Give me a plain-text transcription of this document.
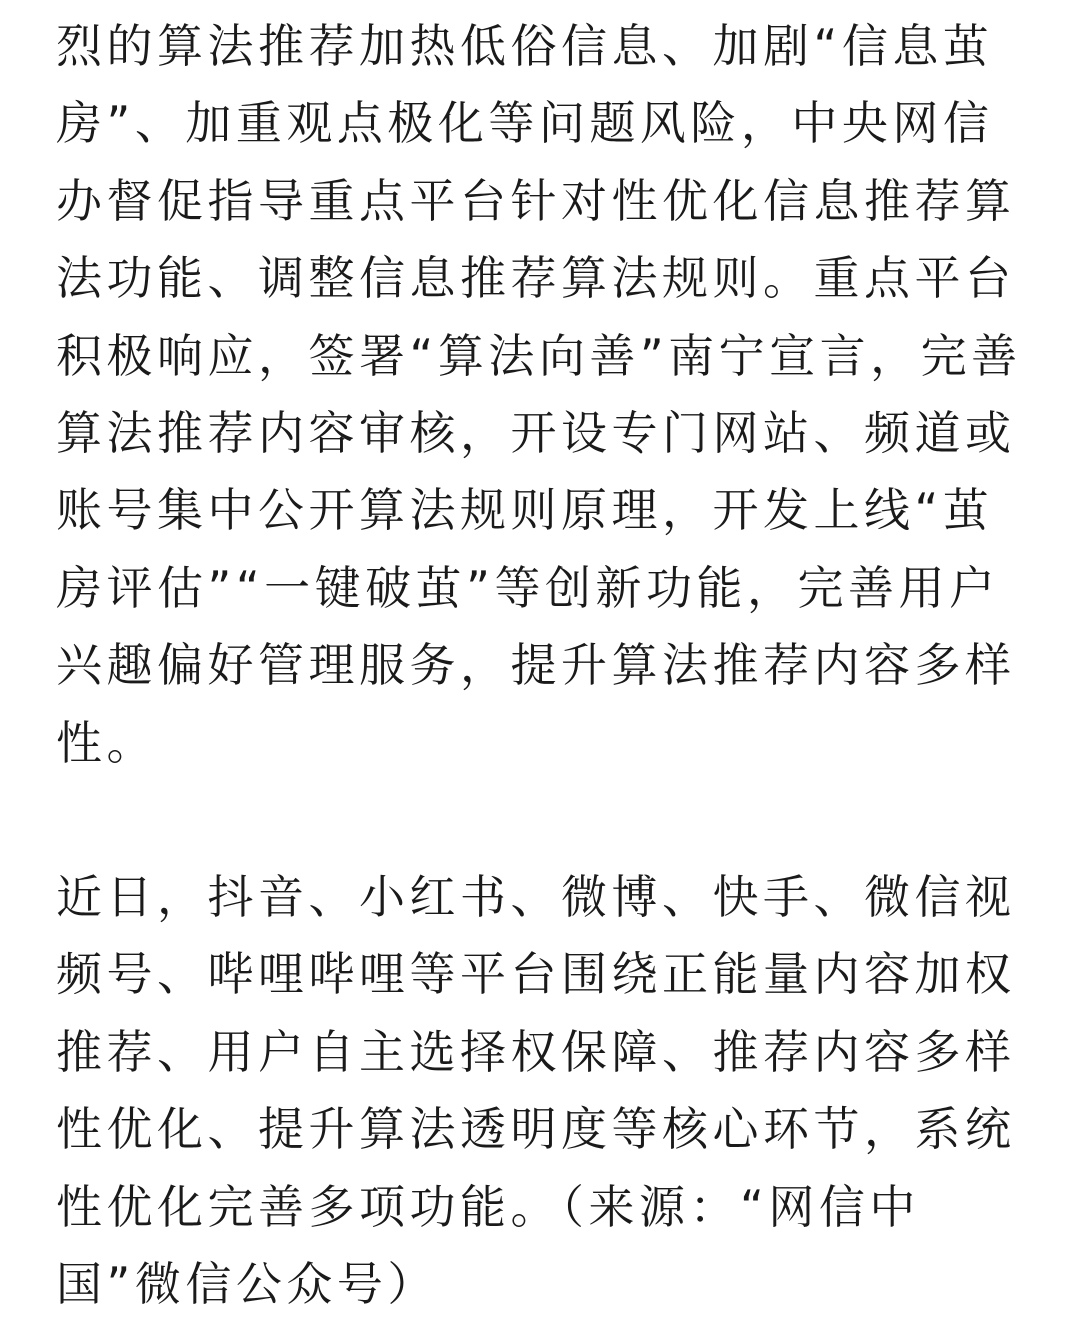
烈的算法推荐加热低俗信息、加剧“信息茧房”、加重观点极化等问题风险，中央网信办督促指导重点平台针对性优化信息推荐算法功能、调整信息推荐算法规则。重点平台积极响应，签署“算法向善”南宁宣言，完善算法推荐内容审核，开设专门网站、频道或账号集中公开算法规则原理，开发上线“茧房评估”“一键破茧”等创新功能，完善用户兴趣偏好管理服务，提升算法推荐内容多样性。

近日，抖音、小红书、微博、快手、微信视频号、哔哩哔哩等平台围绕正能量内容加权推荐、用户自主选择权保障、推荐内容多样性优化、提升算法透明度等核心环节，系统性优化完善多项功能。（来源：“网信中国”微信公众号）
